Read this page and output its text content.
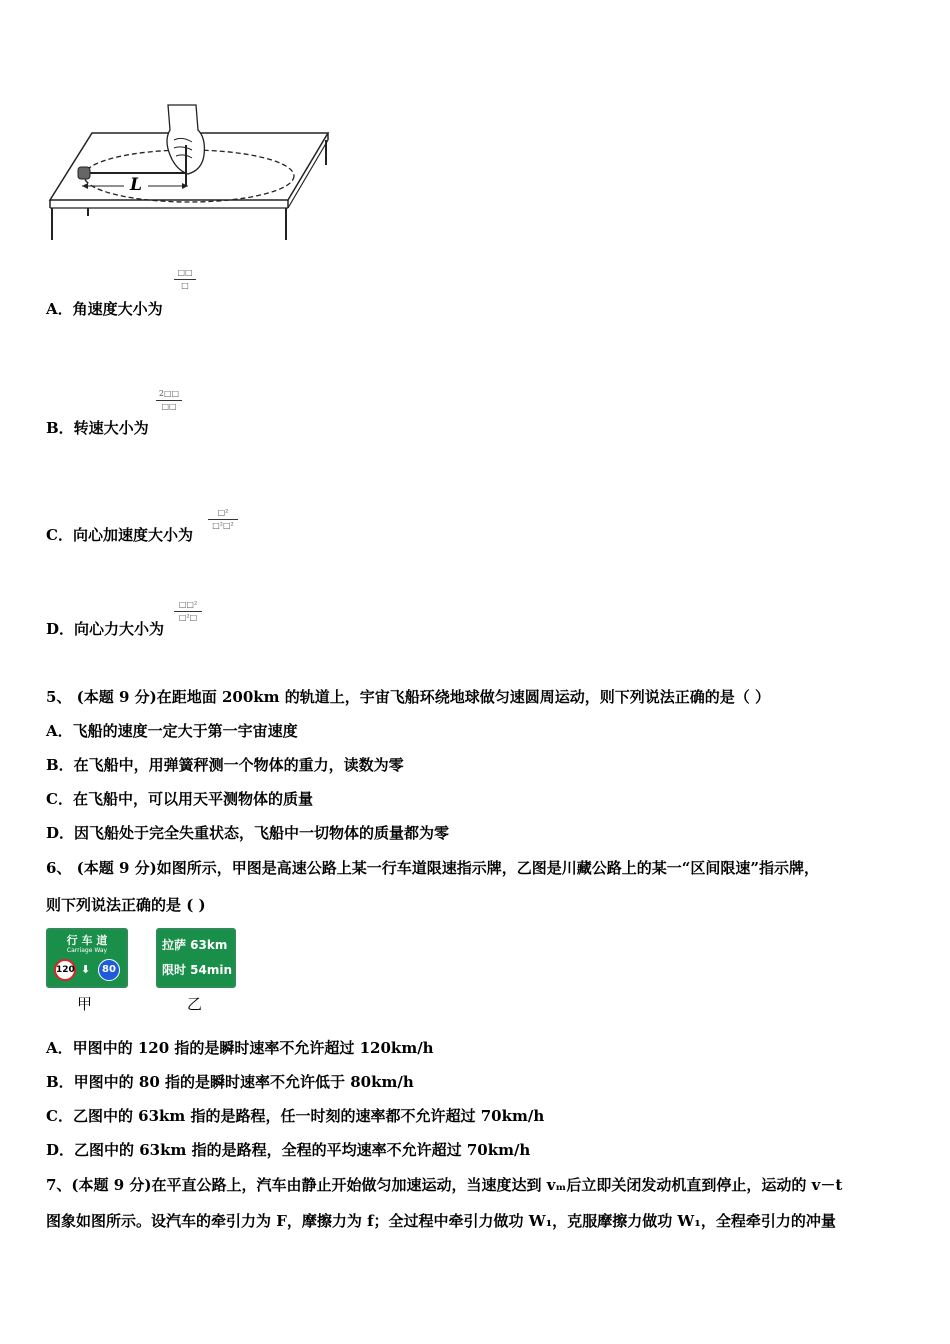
L
□□
□
A．角速度大小为
2□□
□□
B．转速大小为
□²
□²□²
C．向心加速度大小为
□□²
□²□
D．向心力大小为
5、 (本题 9 分)在距地面 200km 的轨道上，宇宙飞船环绕地球做匀速圆周运动，则下列说法正确的是（ ）
A．飞船的速度一定大于第一宇宙速度
B．在飞船中，用弹簧秤测一个物体的重力，读数为零
C．在飞船中，可以用天平测物体的质量
D．因飞船处于完全失重状态，飞船中一切物体的质量都为零
6、 (本题 9 分)如图所示，甲图是高速公路上某一行车道限速指示牌，乙图是川藏公路上的某一“区间限速”指示牌，
则下列说法正确的是 ( )
行 车 道
Carriage Way
120 ⬇	80
甲
拉萨 63km
限时 54min
乙
A．甲图中的 120 指的是瞬时速率不允许超过 120km/h
B．甲图中的 80 指的是瞬时速率不允许低于 80km/h
C．乙图中的 63km 指的是路程，任一时刻的速率都不允许超过 70km/h
D．乙图中的 63km 指的是路程，全程的平均速率不允许超过 70km/h
7、(本题 9 分)在平直公路上，汽车由静止开始做匀加速运动，当速度达到 vₘ后立即关闭发动机直到停止，运动的 v－t
图象如图所示。设汽车的牵引力为 F，摩擦力为 f；全过程中牵引力做功 W₁，克服摩擦力做功 W₁，全程牵引力的冲量
